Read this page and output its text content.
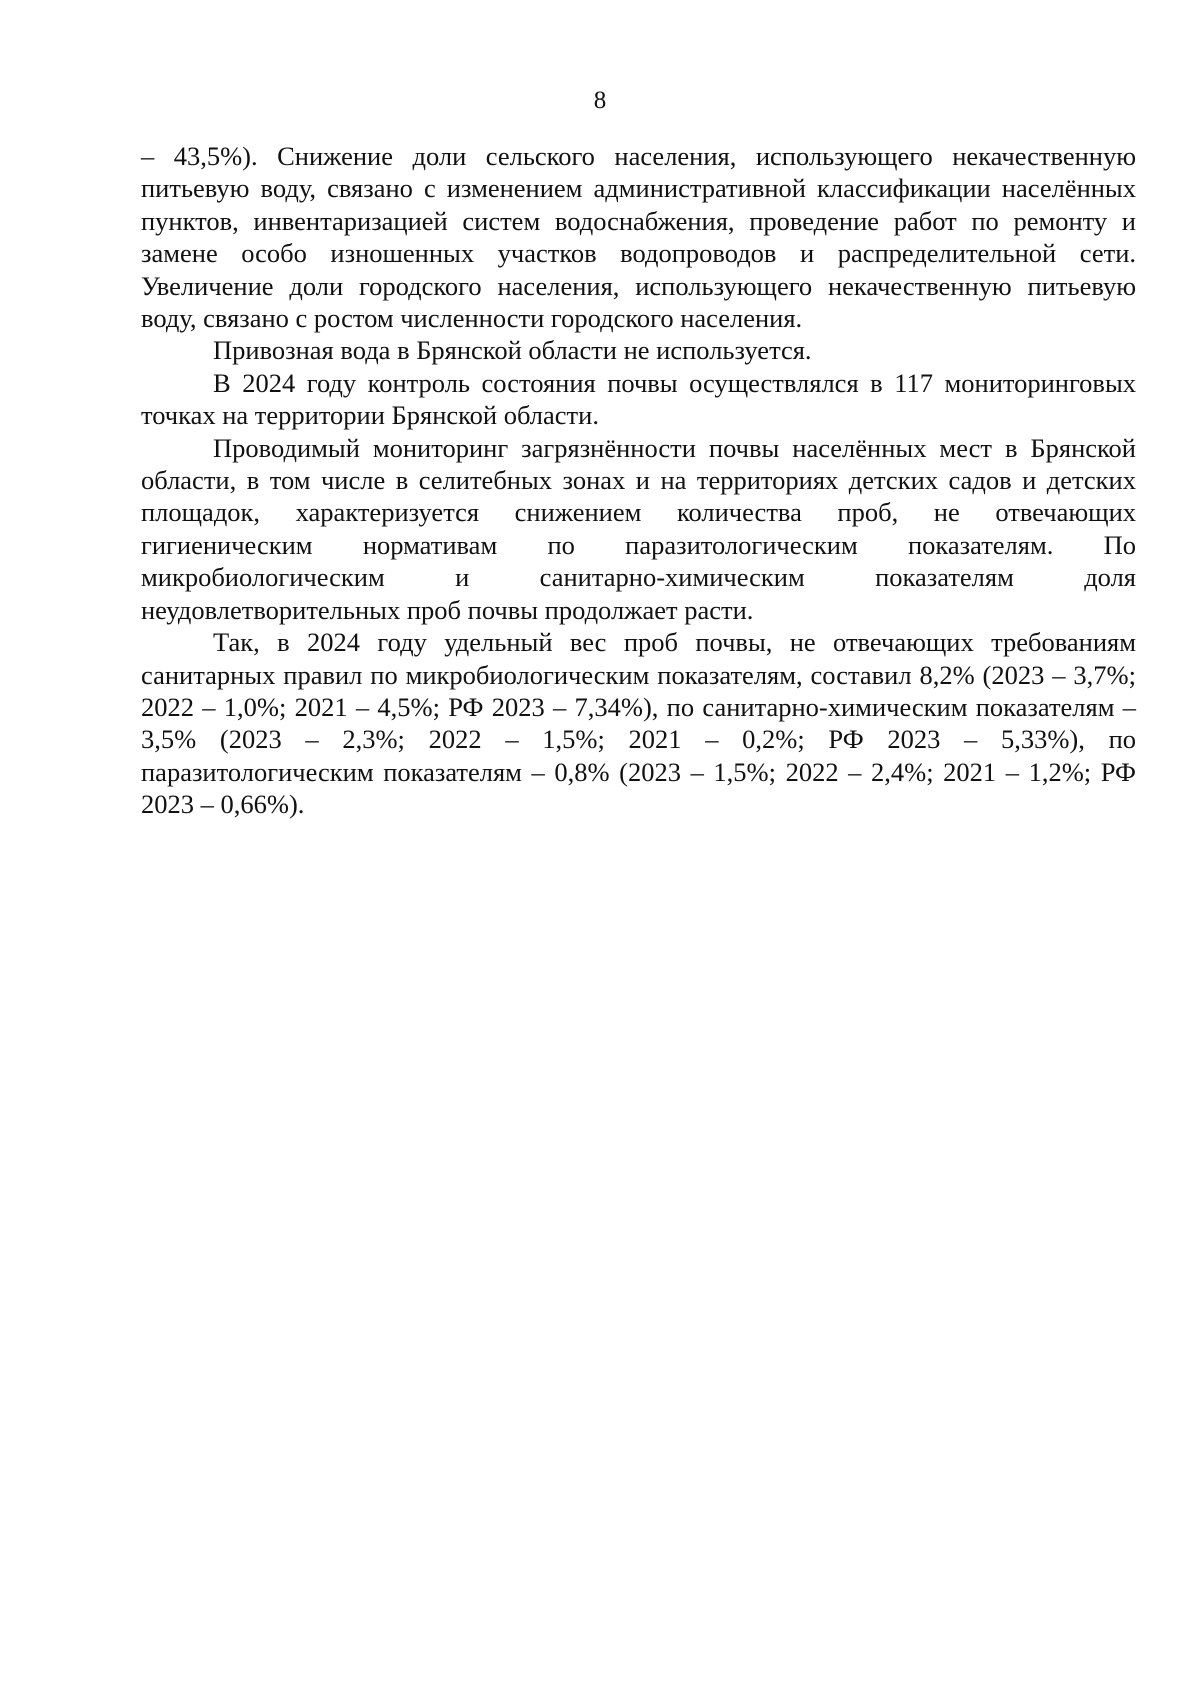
8

– 43,5%). Снижение доли сельского населения, использующего некачественную питьевую воду, связано с изменением административной классификации населённых пунктов, инвентаризацией систем водоснабжения, проведение работ по ремонту и замене особо изношенных участков водопроводов и распределительной сети. Увеличение доли городского населения, использующего некачественную питьевую воду, связано с ростом численности городского населения.

Привозная вода в Брянской области не используется.

В 2024 году контроль состояния почвы осуществлялся в 117 мониторинговых точках на территории Брянской области.

Проводимый мониторинг загрязнённости почвы населённых мест в Брянской области, в том числе в селитебных зонах и на территориях детских садов и детских площадок, характеризуется снижением количества проб, не отвечающих гигиеническим нормативам по паразитологическим показателям. По микробиологическим и санитарно-химическим показателям доля неудовлетворительных проб почвы продолжает расти.

Так, в 2024 году удельный вес проб почвы, не отвечающих требованиям санитарных правил по микробиологическим показателям, составил 8,2% (2023 – 3,7%; 2022 – 1,0%; 2021 – 4,5%; РФ 2023 – 7,34%), по санитарно-химическим показателям – 3,5% (2023 – 2,3%; 2022 – 1,5%; 2021 – 0,2%; РФ 2023 – 5,33%), по паразитологическим показателям – 0,8% (2023 – 1,5%; 2022 – 2,4%; 2021 – 1,2%; РФ 2023 – 0,66%).
